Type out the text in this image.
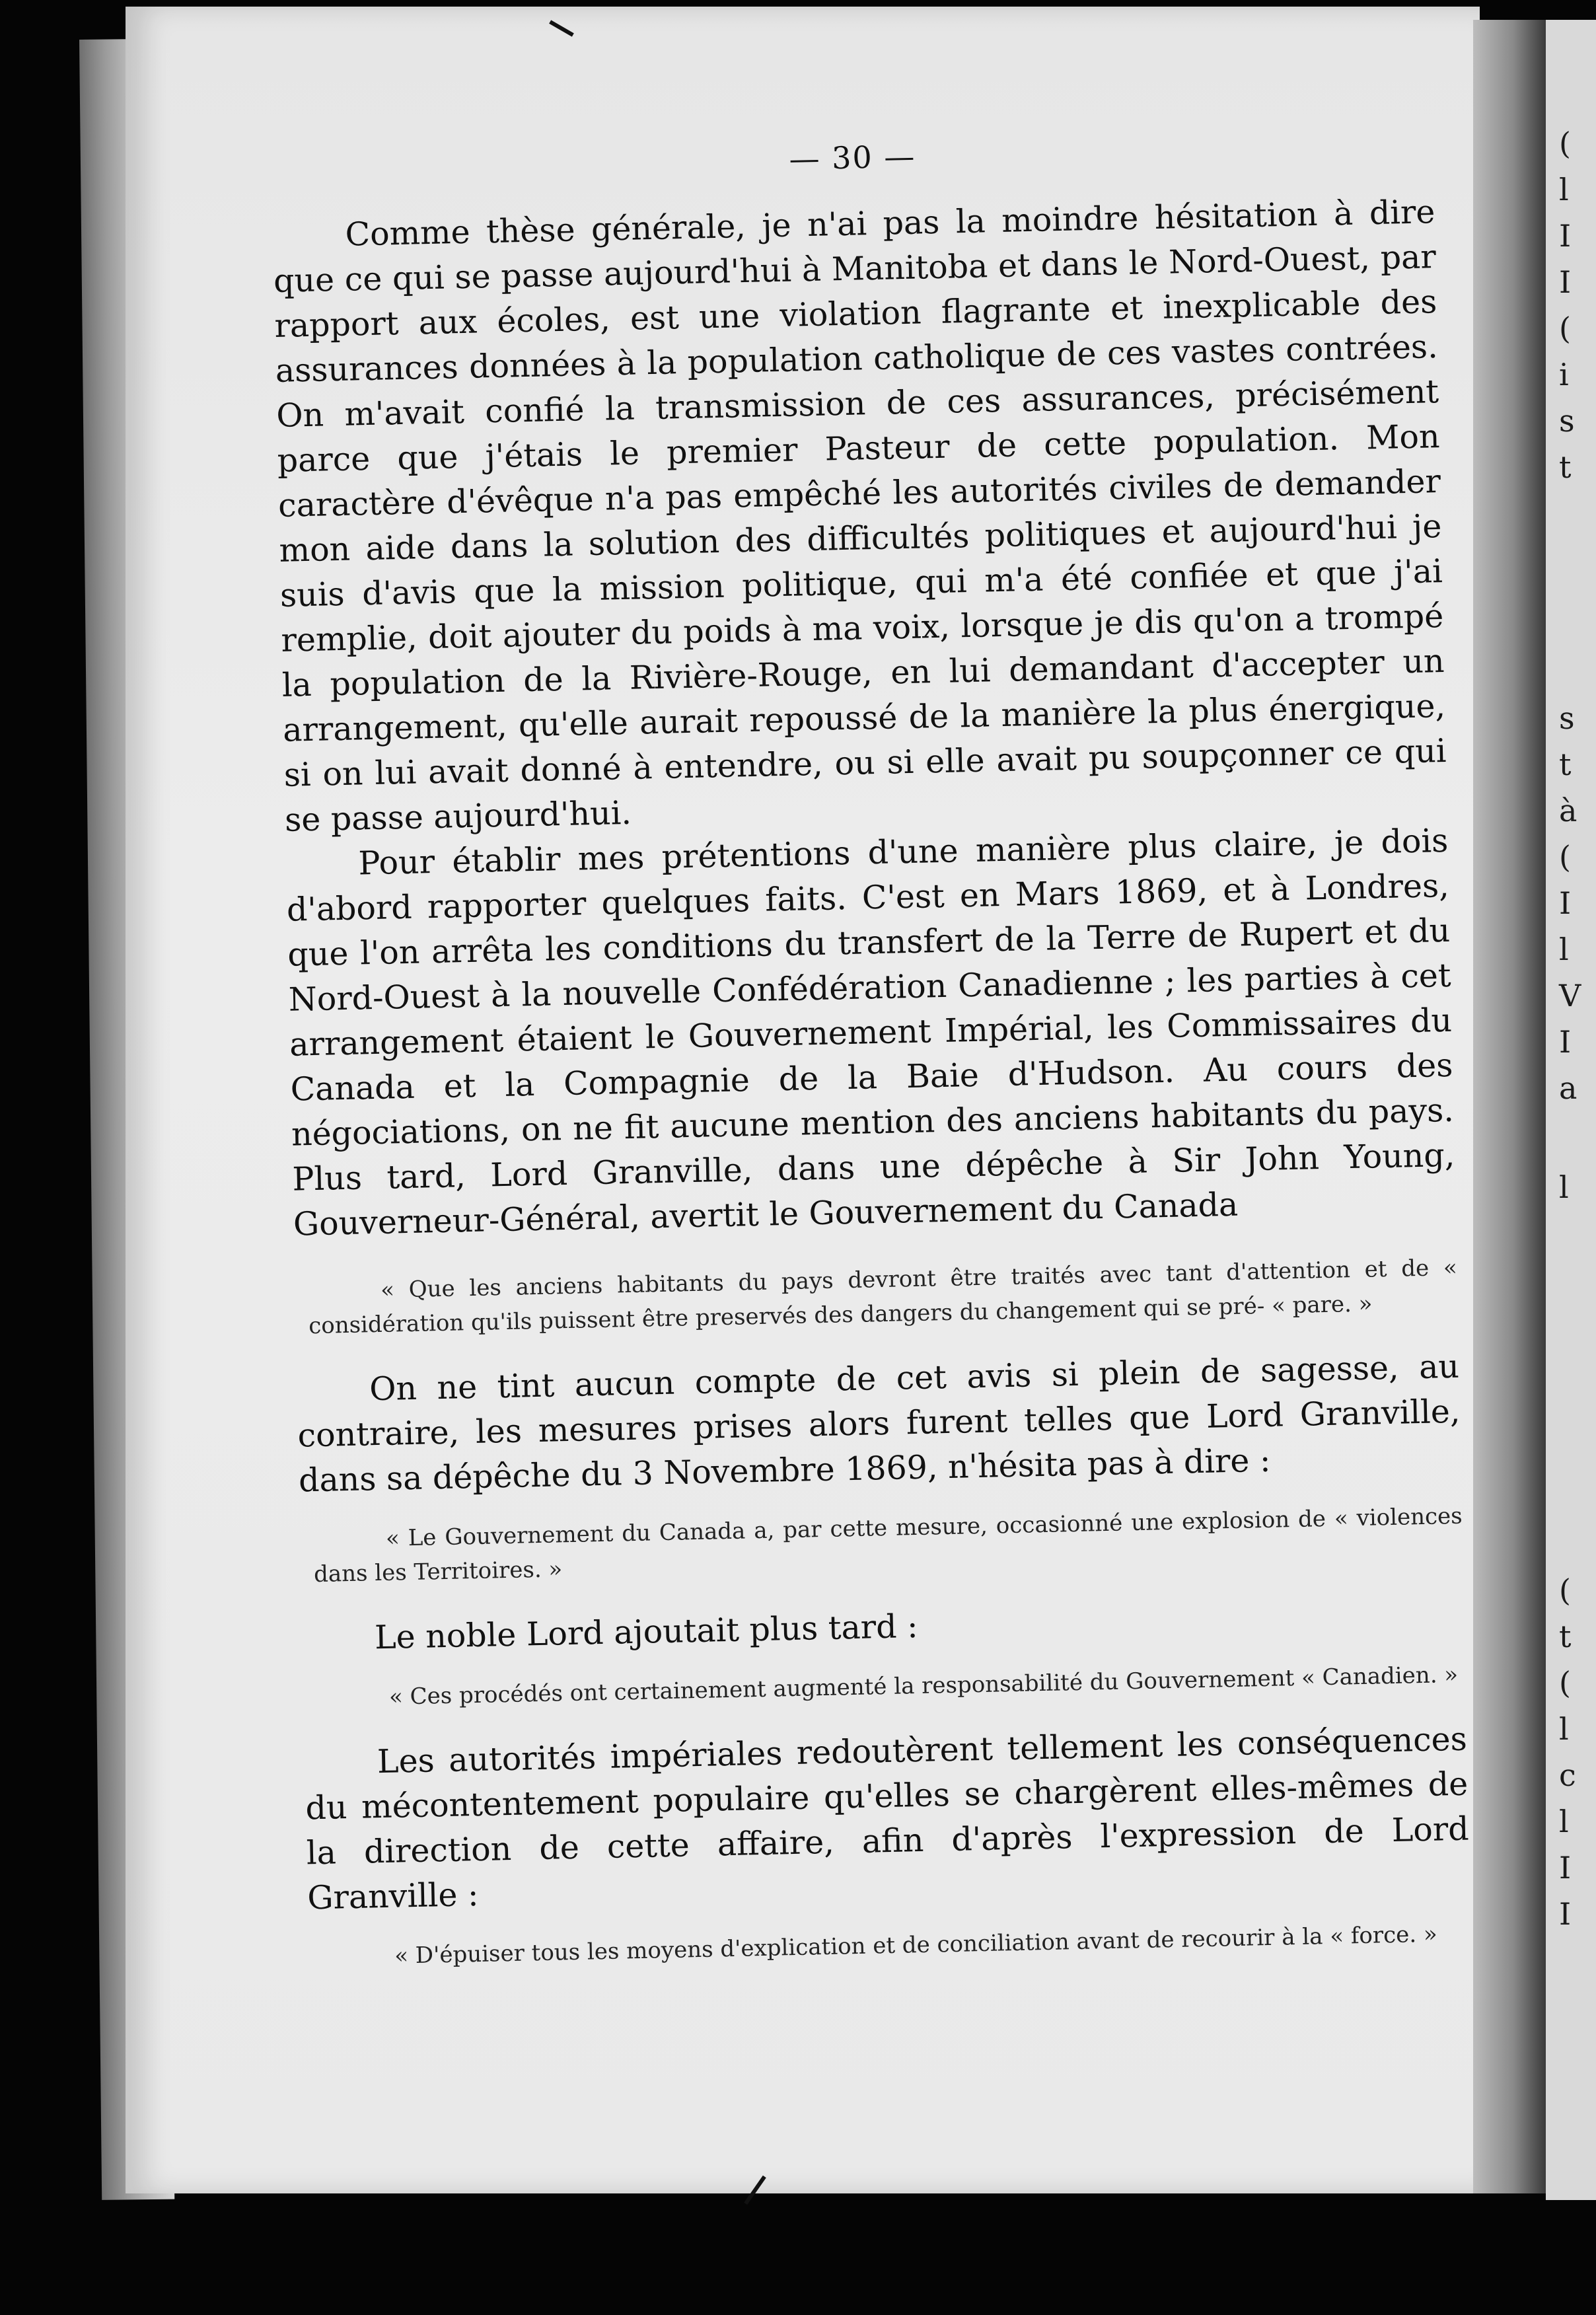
(
l
I
I
(
i
s
t
s
t
à
(
I
l
V
I
a
l
(
t
(
l
c
l
I
I
— 30 —

Comme thèse générale, je n'ai pas la moindre hésitation à dire que ce qui se passe aujourd'hui à Manitoba et dans le Nord-Ouest, par rapport aux écoles, est une violation flagrante et inexplicable des assurances données à la population catholique de ces vastes contrées. On m'avait confié la transmission de ces assurances, précisément parce que j'étais le premier Pasteur de cette population. Mon caractère d'évêque n'a pas empêché les autorités civiles de demander mon aide dans la solution des difficultés politiques et aujourd'hui je suis d'avis que la mission politique, qui m'a été confiée et que j'ai remplie, doit ajouter du poids à ma voix, lorsque je dis qu'on a trompé la population de la Rivière-Rouge, en lui demandant d'accepter un arrangement, qu'elle aurait repoussé de la manière la plus énergique, si on lui avait donné à entendre, ou si elle avait pu soupçonner ce qui se passe aujourd'hui.

Pour établir mes prétentions d'une manière plus claire, je dois d'abord rapporter quelques faits. C'est en Mars 1869, et à Londres, que l'on arrêta les conditions du transfert de la Terre de Rupert et du Nord-Ouest à la nouvelle Confédération Canadienne ; les parties à cet arrangement étaient le Gouvernement Impérial, les Commissaires du Canada et la Compagnie de la Baie d'Hudson. Au cours des négociations, on ne fit aucune mention des anciens habitants du pays. Plus tard, Lord Granville, dans une dépêche à Sir John Young, Gouverneur-Général, avertit le Gouvernement du Canada

« Que les anciens habitants du pays devront être traités avec tant d'attention et de « considération qu'ils puissent être preservés des dangers du changement qui se pré- « pare. »

On ne tint aucun compte de cet avis si plein de sagesse, au contraire, les mesures prises alors furent telles que Lord Granville, dans sa dépêche du 3 Novembre 1869, n'hésita pas à dire :

« Le Gouvernement du Canada a, par cette mesure, occasionné une explosion de « violences dans les Territoires. »

Le noble Lord ajoutait plus tard :

« Ces procédés ont certainement augmenté la responsabilité du Gouvernement « Canadien. »

Les autorités impériales redoutèrent tellement les conséquences du mécontentement populaire qu'elles se chargèrent elles-mêmes de la direction de cette affaire, afin d'après l'expression de Lord Granville :

« D'épuiser tous les moyens d'explication et de conciliation avant de recourir à la « force. »
